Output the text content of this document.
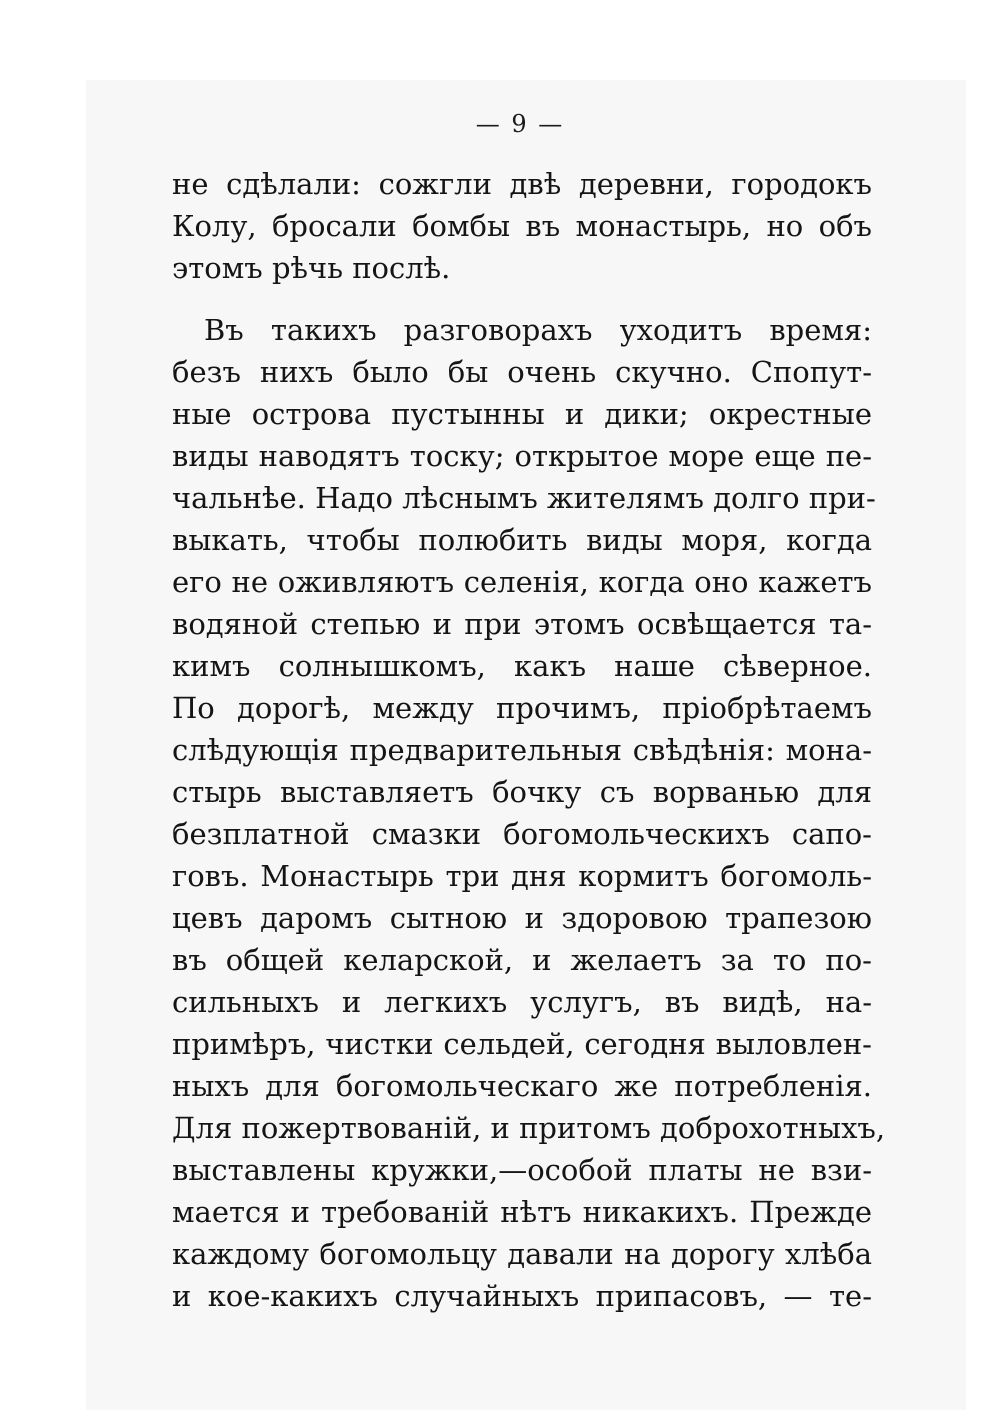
— 9 —
не сдѣлали: сожгли двѣ деревни, городокъ
Колу, бросали бомбы въ монастырь, но объ
этомъ рѣчь послѣ.
Въ такихъ разговорахъ уходитъ время:
безъ нихъ было бы очень скучно. Спопут-
ные острова пустынны и дики; окрестные
виды наводятъ тоску; открытое море еще пе-
чальнѣе. Надо лѣснымъ жителямъ долго при-
выкать, чтобы полюбить виды моря, когда
его не оживляютъ селенія, когда оно кажетъ
водяной степью и при этомъ освѣщается та-
кимъ солнышкомъ, какъ наше сѣверное.
По дорогѣ, между прочимъ, пріобрѣтаемъ
слѣдующія предварительныя свѣдѣнія: мона-
стырь выставляетъ бочку съ ворванью для
безплатной смазки богомольческихъ сапо-
говъ. Монастырь три дня кормитъ богомоль-
цевъ даромъ сытною и здоровою трапезою
въ общей келарской, и желаетъ за то по-
сильныхъ и легкихъ услугъ, въ видѣ, на-
примѣръ, чистки сельдей, сегодня выловлен-
ныхъ для богомольческаго же потребленія.
Для пожертвованій, и притомъ доброхотныхъ,
выставлены кружки,—особой платы не взи-
мается и требованій нѣтъ никакихъ. Прежде
каждому богомольцу давали на дорогу хлѣба
и кое-какихъ случайныхъ припасовъ, — те-
